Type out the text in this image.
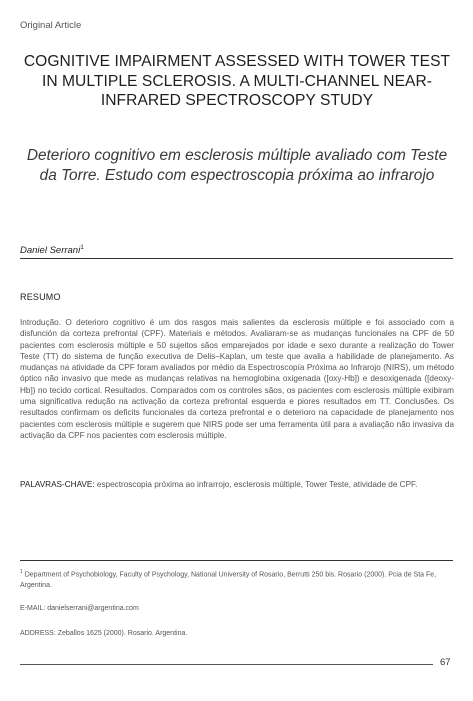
Original Article
COGNITIVE IMPAIRMENT ASSESSED WITH TOWER TEST IN MULTIPLE SCLEROSIS. A MULTI-CHANNEL NEAR-INFRARED SPECTROSCOPY STUDY
Deterioro cognitivo em esclerosis múltiple avaliado com Teste da Torre. Estudo com espectroscopia próxima ao infrarojo
Daniel Serrani$^1$
RESUMO
Introdução. O deterioro cognitivo é um dos rasgos mais salientes da esclerosis múltiple e foi associado com a disfunción da corteza prefrontal (CPF). Materiais e métodos. Avaliaram-se as mudanças funcionales na CPF de 50 pacientes com esclerosis múltiple e 50 sujeitos sãos emparejados por idade e sexo durante a realização do Tower Teste (TT) do sistema de função executiva de Delis–Kaplan, um teste que avalia a habilidade de planejamento. As mudanças na atividade da CPF foram avaliados por médio da Espectroscopía Próxima ao Infrarojo (NIRS), um método óptico não invasivo que mede as mudanças relativas na hemoglobina oxigenada ([oxy-Hb]) e desoxigenada ([deoxy-Hb]) no tecido cortical. Resultados. Comparados com os controles sãos, os pacientes com esclerosis múltiple exibiram uma significativa redução na activação da corteza prefrontal esquerda e piores resultados em TT. Conclusões. Os resultados confirmam os deficits funcionales da corteza prefrontal e o deterioro na capacidade de planejamento nos pacientes com esclerosis múltiple e sugerem que NIRS pode ser uma ferramenta útil para a avaliação não invasiva da activação da CPF nos pacientes com esclerosis múltiple.
PALAVRAS-CHAVE: espectroscopia próxima ao infrarrojo, esclerosis múltiple, Tower Teste, atividade de CPF.
$^1$ Department of Psychobiology, Faculty of Psychology, National University of Rosario, Berrutti 250 bis. Rosario (2000). Pcia de Sta Fe, Argentina.
E-MAIL: danielserrani@argentina.com
ADDRESS: Zeballos 1625 (2000). Rosario. Argentina.
67
